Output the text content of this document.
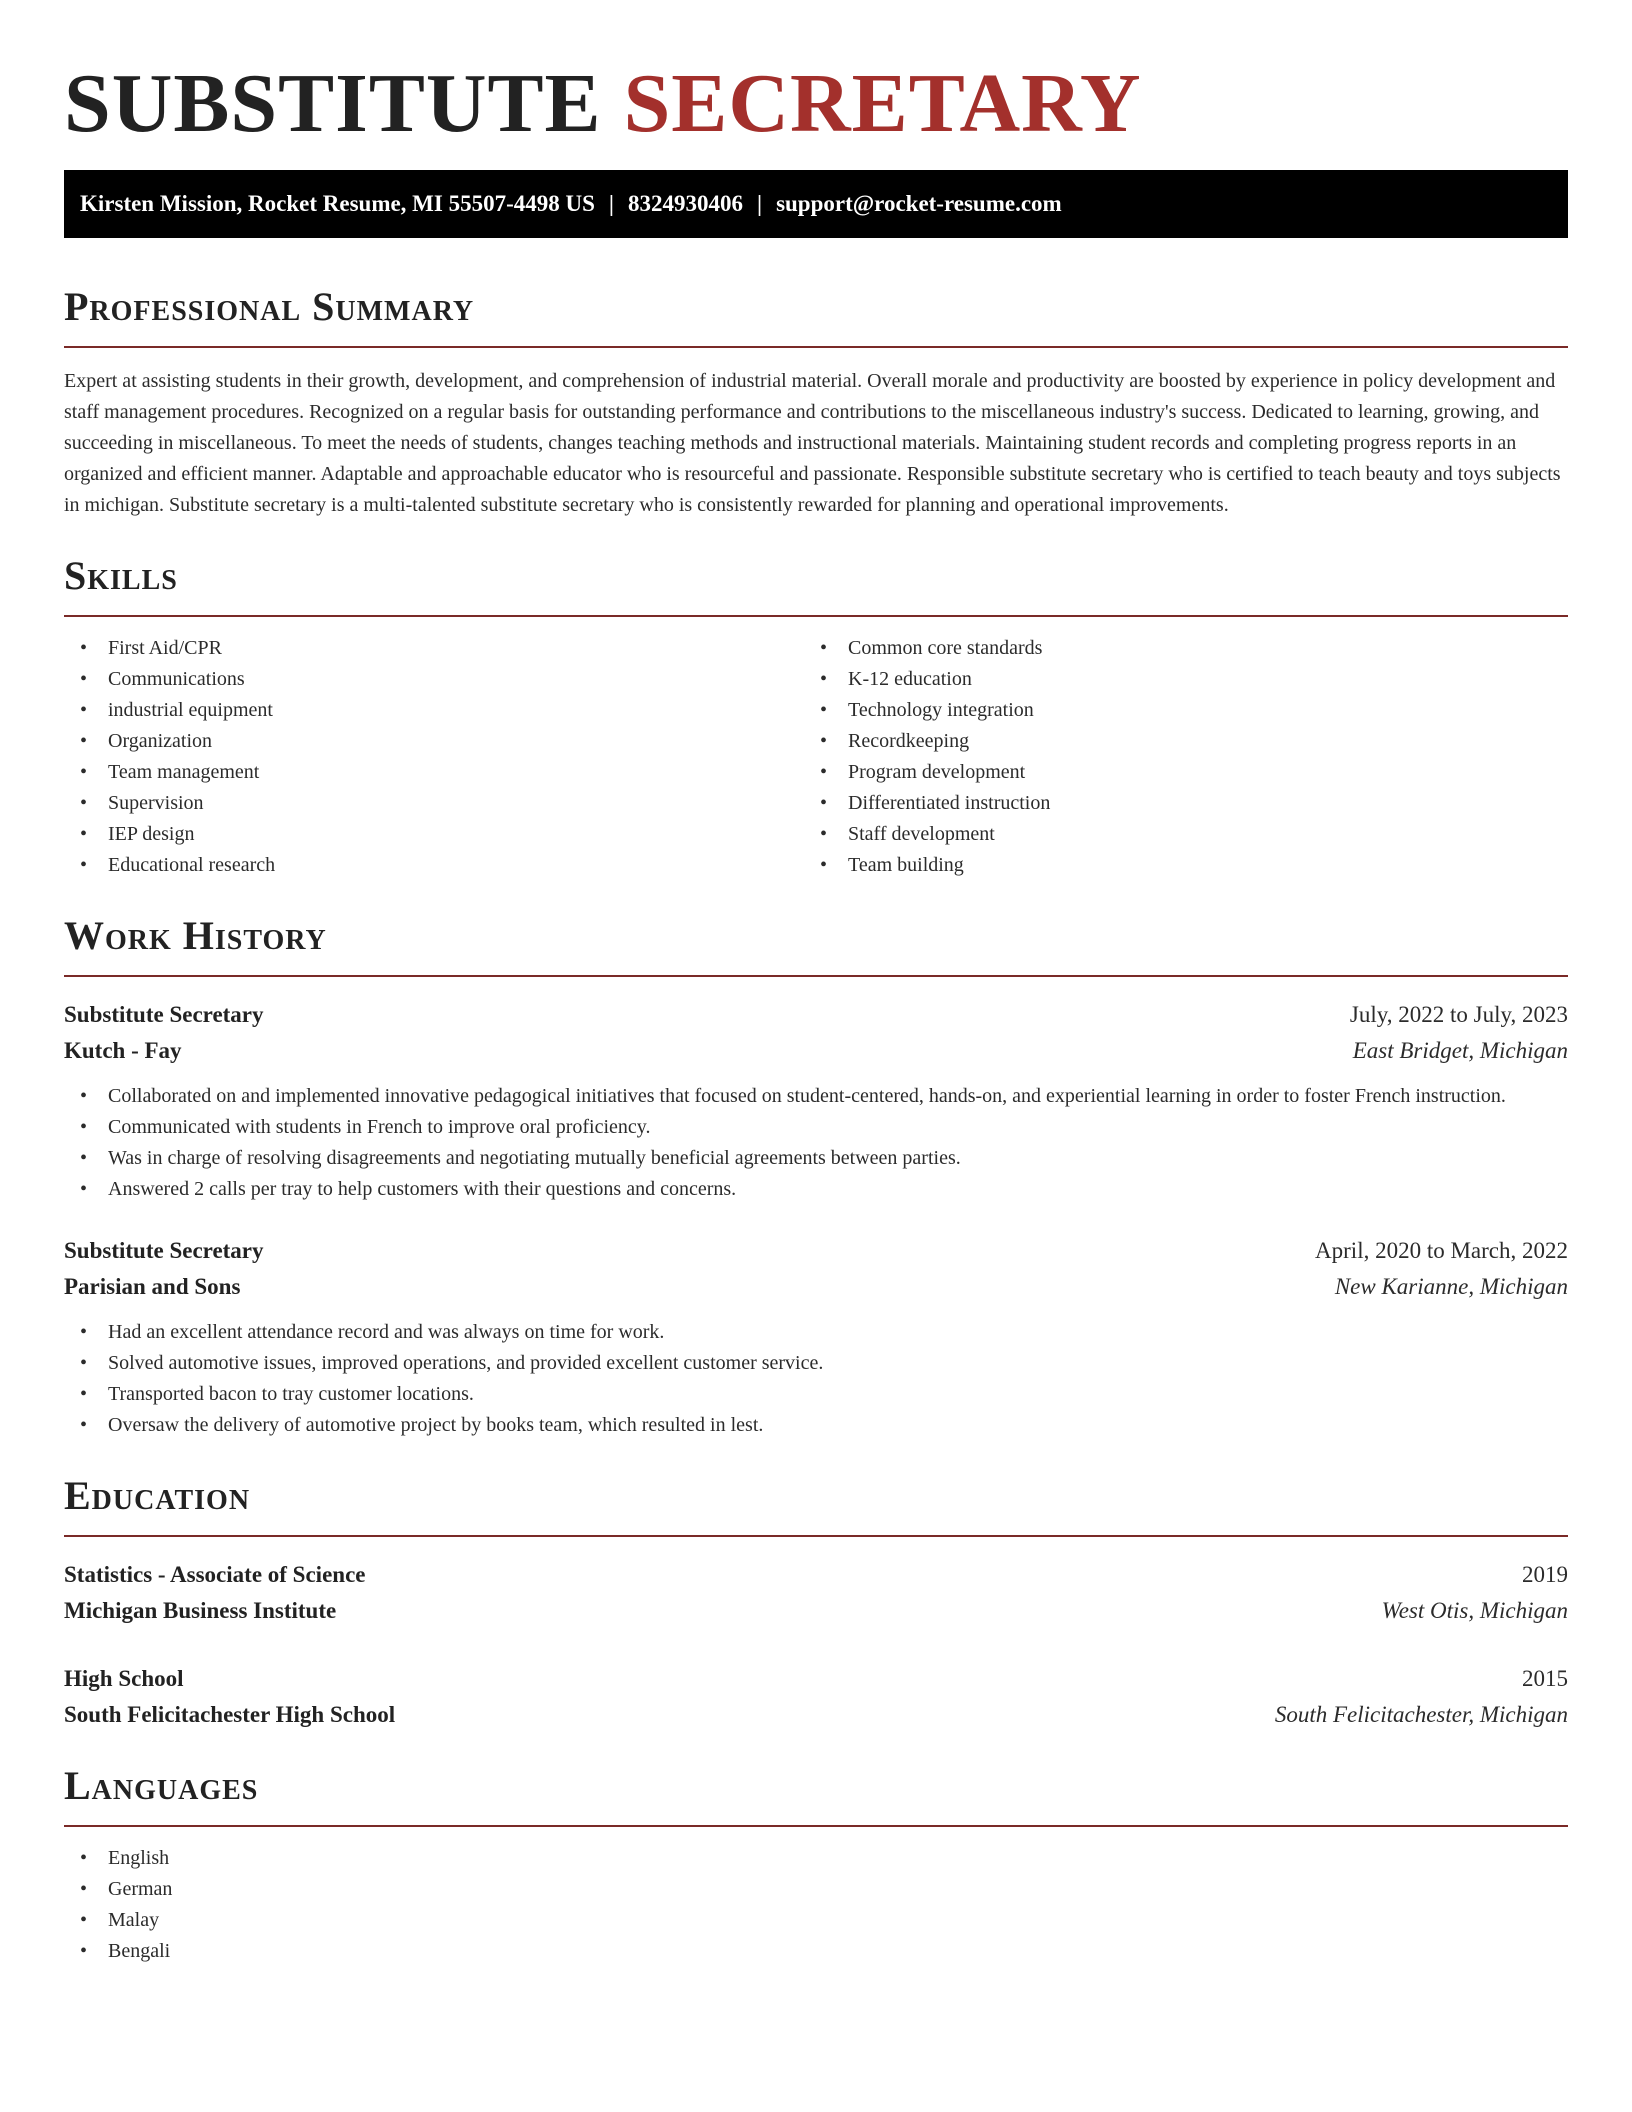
SUBSTITUTE SECRETARY
Kirsten Mission, Rocket Resume, MI 55507-4498 US | 8324930406 | support@rocket-resume.com
Professional Summary

Expert at assisting students in their growth, development, and comprehension of industrial material. Overall morale and productivity are boosted by experience in policy development and staff management procedures. Recognized on a regular basis for outstanding performance and contributions to the miscellaneous industry's success. Dedicated to learning, growing, and succeeding in miscellaneous. To meet the needs of students, changes teaching methods and instructional materials. Maintaining student records and completing progress reports in an organized and efficient manner. Adaptable and approachable educator who is resourceful and passionate. Responsible substitute secretary who is certified to teach beauty and toys subjects in michigan. Substitute secretary is a multi-talented substitute secretary who is consistently rewarded for planning and operational improvements.

Skills
• First Aid/CPR
• Communications
• industrial equipment
• Organization
• Team management
• Supervision
• IEP design
• Educational research
• Common core standards
• K-12 education
• Technology integration
• Recordkeeping
• Program development
• Differentiated instruction
• Staff development
• Team building
Work History
Substitute Secretary	July, 2022 to July, 2023
Kutch - Fay	East Bridget, Michigan
• Collaborated on and implemented innovative pedagogical initiatives that focused on student-centered, hands-on, and experiential learning in order to foster French instruction.
• Communicated with students in French to improve oral proficiency.
• Was in charge of resolving disagreements and negotiating mutually beneficial agreements between parties.
• Answered 2 calls per tray to help customers with their questions and concerns.
Substitute Secretary	April, 2020 to March, 2022
Parisian and Sons	New Karianne, Michigan
• Had an excellent attendance record and was always on time for work.
• Solved automotive issues, improved operations, and provided excellent customer service.
• Transported bacon to tray customer locations.
• Oversaw the delivery of automotive project by books team, which resulted in lest.
Education
Statistics - Associate of Science	2019
Michigan Business Institute	West Otis, Michigan
High School	2015
South Felicitachester High School	South Felicitachester, Michigan
Languages
• English
• German
• Malay
• Bengali
